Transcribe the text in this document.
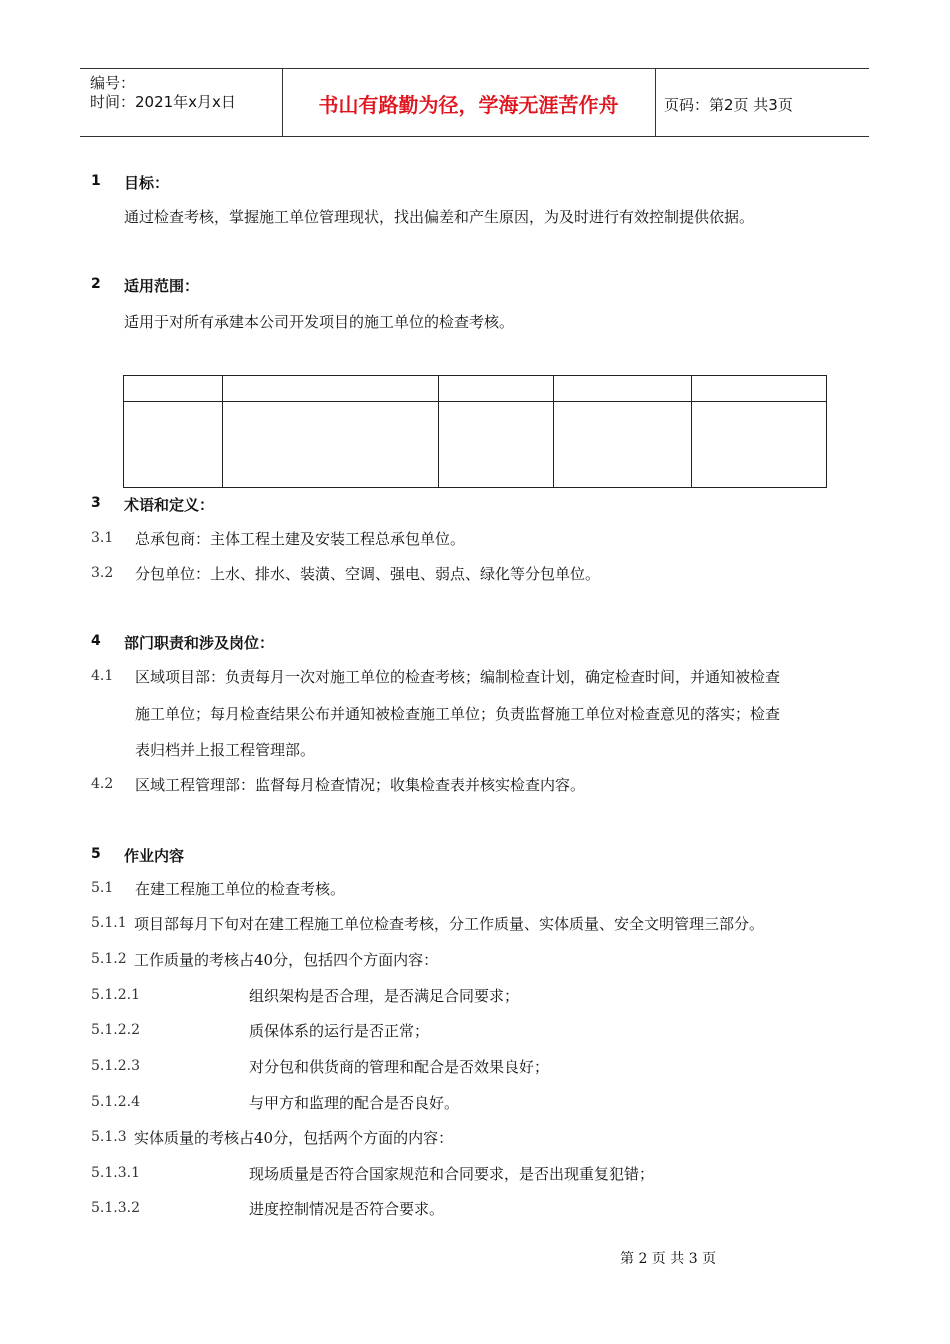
编号：
时间：2021年x月x日	书山有路勤为径，学海无涯苦作舟	页码：第2页 共3页
1 目标：
通过检查考核，掌握施工单位管理现状，找出偏差和产生原因，为及时进行有效控制提供依据。
2 适用范围：
适用于对所有承建本公司开发项目的施工单位的检查考核。

3 术语和定义：
3.1 总承包商：主体工程土建及安装工程总承包单位。
3.2 分包单位：上水、排水、装潢、空调、强电、弱点、绿化等分包单位。
4 部门职责和涉及岗位：
4.1 区域项目部：负责每月一次对施工单位的检查考核；编制检查计划，确定检查时间，并通知被检查
施工单位；每月检查结果公布并通知被检查施工单位；负责监督施工单位对检查意见的落实；检查
表归档并上报工程管理部。
4.2 区域工程管理部：监督每月检查情况；收集检查表并核实检查内容。
5 作业内容
5.1 在建工程施工单位的检查考核。
5.1.1 项目部每月下旬对在建工程施工单位检查考核，分工作质量、实体质量、安全文明管理三部分。
5.1.2 工作质量的考核占40分，包括四个方面内容：
5.1.2.1	组织架构是否合理，是否满足合同要求；
5.1.2.2	质保体系的运行是否正常；
5.1.2.3	对分包和供货商的管理和配合是否效果良好；
5.1.2.4	与甲方和监理的配合是否良好。
5.1.3 实体质量的考核占40分，包括两个方面的内容：
5.1.3.1	现场质量是否符合国家规范和合同要求，是否出现重复犯错；
5.1.3.2	进度控制情况是否符合要求。
第 2 页 共 3 页
